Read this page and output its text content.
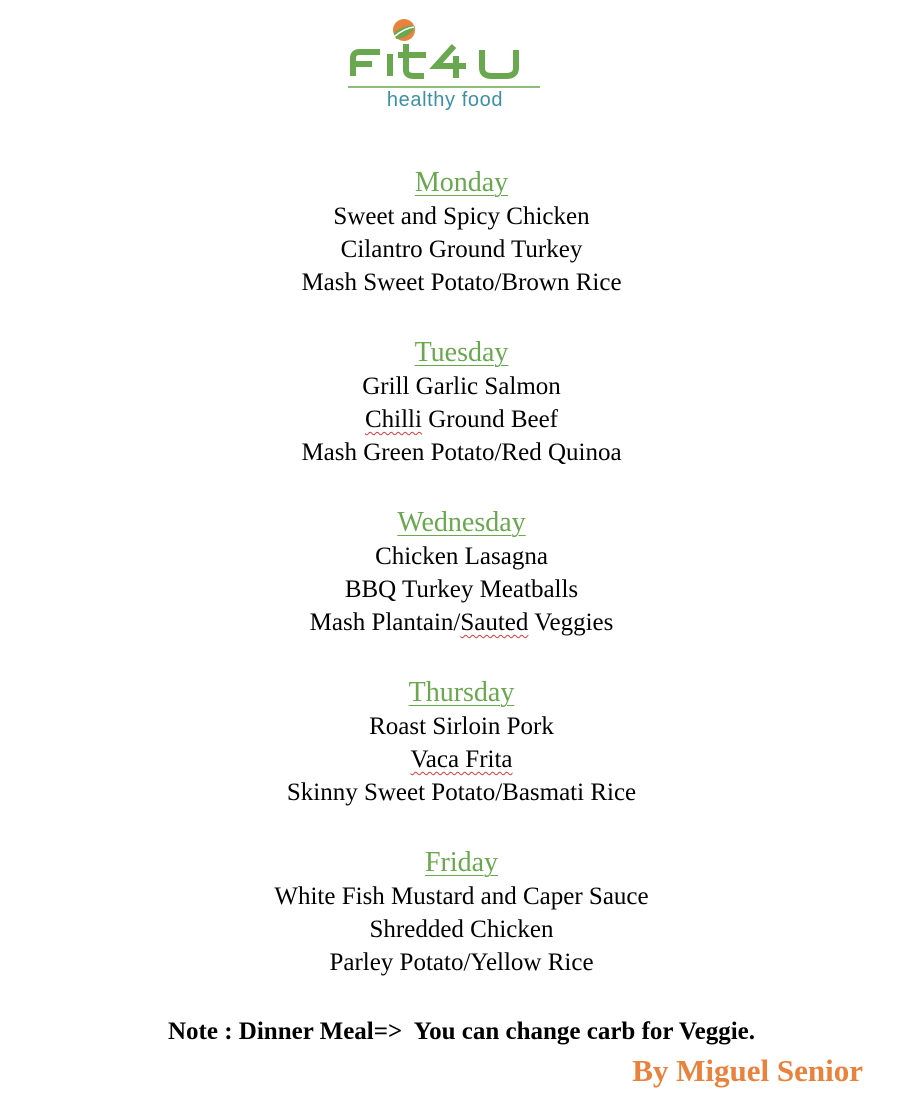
healthy food
Monday
Sweet and Spicy Chicken
Cilantro Ground Turkey
Mash Sweet Potato/Brown Rice
Tuesday
Grill Garlic Salmon
Chilli Ground Beef
Mash Green Potato/Red Quinoa
Wednesday
Chicken Lasagna
BBQ Turkey Meatballs
Mash Plantain/Sauted Veggies
Thursday
Roast Sirloin Pork
Vaca Frita
Skinny Sweet Potato/Basmati Rice
Friday
White Fish Mustard and Caper Sauce
Shredded Chicken
Parley Potato/Yellow Rice
Note : Dinner Meal=>  You can change carb for Veggie.
By Miguel Senior
